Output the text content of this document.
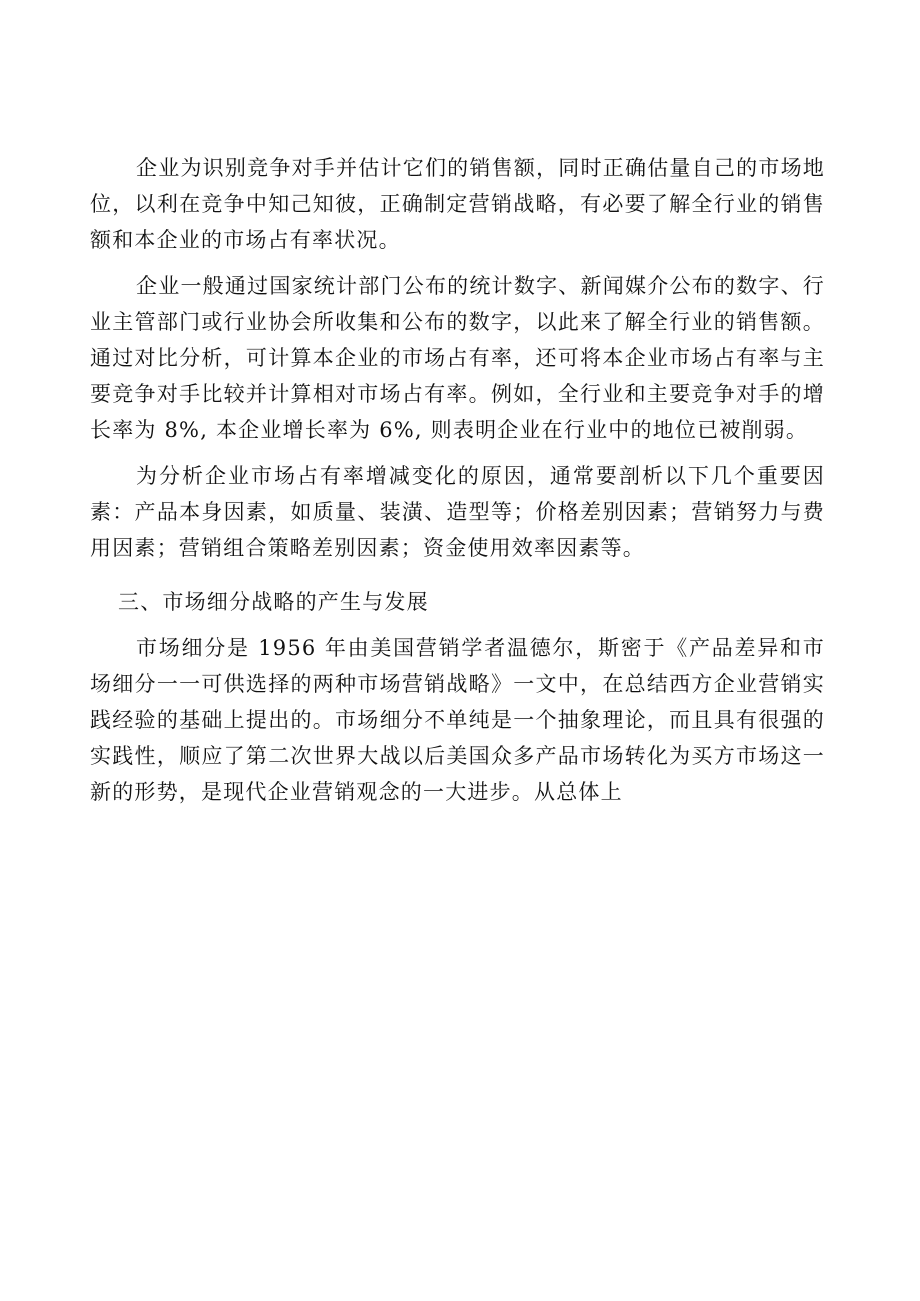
企业为识别竞争对手并估计它们的销售额，同时正确估量自己的市场地位，以利在竞争中知己知彼，正确制定营销战略，有必要了解全行业的销售额和本企业的市场占有率状况。

企业一般通过国家统计部门公布的统计数字、新闻媒介公布的数字、行业主管部门或行业协会所收集和公布的数字，以此来了解全行业的销售额。通过对比分析，可计算本企业的市场占有率，还可将本企业市场占有率与主要竞争对手比较并计算相对市场占有率。例如，全行业和主要竞争对手的增长率为 8%, 本企业增长率为 6%, 则表明企业在行业中的地位已被削弱。

为分析企业市场占有率增减变化的原因，通常要剖析以下几个重要因素：产品本身因素，如质量、装潢、造型等；价格差别因素；营销努力与费用因素；营销组合策略差别因素；资金使用效率因素等。

三、市场细分战略的产生与发展

市场细分是 1956 年由美国营销学者温德尔，斯密于《产品差异和市场细分一一可供选择的两种市场营销战略》一文中，在总结西方企业营销实践经验的基础上提出的。市场细分不单纯是一个抽象理论，而且具有很强的实践性，顺应了第二次世界大战以后美国众多产品市场转化为买方市场这一新的形势，是现代企业营销观念的一大进步。从总体上
